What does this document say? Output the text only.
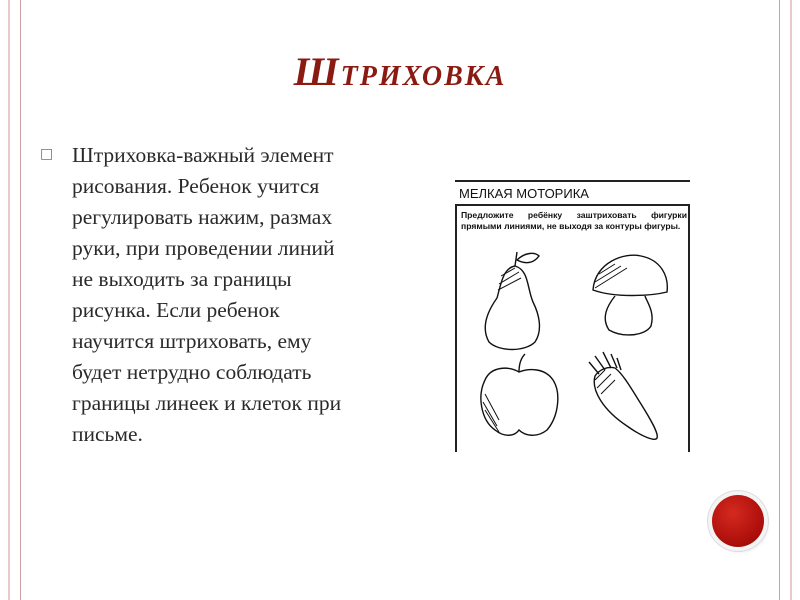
Штриховка
□ Штриховка-важный элемент
рисования. Ребенок учится
регулировать нажим, размах
руки, при проведении линий
не выходить за границы
рисунка. Если ребенок
научится штриховать, ему
будет нетрудно соблюдать
границы линеек и клеток при
письме.
МЕЛКАЯ МОТОРИКА
Предложите ребёнку заштриховать фигурки прямыми линиями, не выходя за контуры фигуры.
